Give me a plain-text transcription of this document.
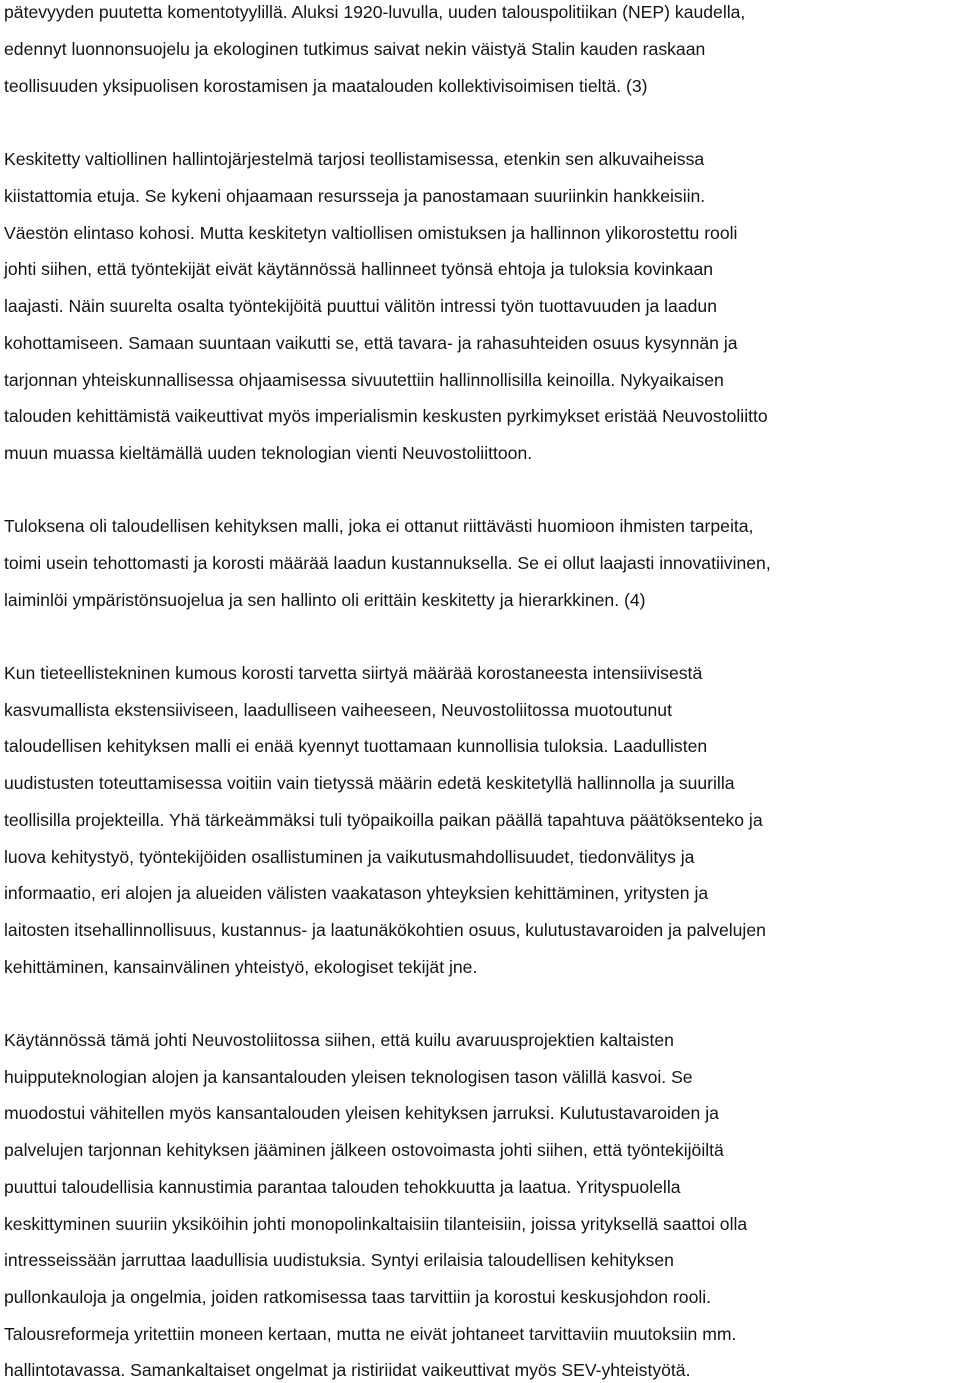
pätevyyden puutetta komentotyylillä. Aluksi 1920-luvulla, uuden talouspolitiikan (NEP) kaudella,
edennyt luonnonsuojelu ja ekologinen tutkimus saivat nekin väistyä Stalin kauden raskaan
teollisuuden yksipuolisen korostamisen ja maatalouden kollektivisoimisen tieltä. (3)
Keskitetty valtiollinen hallintojärjestelmä tarjosi teollistamisessa, etenkin sen alkuvaiheissa
kiistattomia etuja. Se kykeni ohjaamaan resursseja ja panostamaan suuriinkin hankkeisiin.
Väestön elintaso kohosi. Mutta keskitetyn valtiollisen omistuksen ja hallinnon ylikorostettu rooli
johti siihen, että työntekijät eivät käytännössä hallinneet työnsä ehtoja ja tuloksia kovinkaan
laajasti. Näin suurelta osalta työntekijöitä puuttui välitön intressi työn tuottavuuden ja laadun
kohottamiseen. Samaan suuntaan vaikutti se, että tavara- ja rahasuhteiden osuus kysynnän ja
tarjonnan yhteiskunnallisessa ohjaamisessa sivuutettiin hallinnollisilla keinoilla. Nykyaikaisen
talouden kehittämistä vaikeuttivat myös imperialismin keskusten pyrkimykset eristää Neuvostoliitto
muun muassa kieltämällä uuden teknologian vienti Neuvostoliittoon.
Tuloksena oli taloudellisen kehityksen malli, joka ei ottanut riittävästi huomioon ihmisten tarpeita,
toimi usein tehottomasti ja korosti määrää laadun kustannuksella. Se ei ollut laajasti innovatiivinen,
laiminlöi ympäristönsuojelua ja sen hallinto oli erittäin keskitetty ja hierarkkinen. (4)
Kun tieteellistekninen kumous korosti tarvetta siirtyä määrää korostaneesta intensiivisestä
kasvumallista ekstensiiviseen, laadulliseen vaiheeseen, Neuvostoliitossa muotoutunut
taloudellisen kehityksen malli ei enää kyennyt tuottamaan kunnollisia tuloksia. Laadullisten
uudistusten toteuttamisessa voitiin vain tietyssä määrin edetä keskitetyllä hallinnolla ja suurilla
teollisilla projekteilla. Yhä tärkeämmäksi tuli työpaikoilla paikan päällä tapahtuva päätöksenteko ja
luova kehitystyö, työntekijöiden osallistuminen ja vaikutusmahdollisuudet, tiedonvälitys ja
informaatio, eri alojen ja alueiden välisten vaakatason yhteyksien kehittäminen, yritysten ja
laitosten itsehallinnollisuus, kustannus- ja laatunäkökohtien osuus, kulutustavaroiden ja palvelujen
kehittäminen, kansainvälinen yhteistyö, ekologiset tekijät jne.
Käytännössä tämä johti Neuvostoliitossa siihen, että kuilu avaruusprojektien kaltaisten
huipputeknologian alojen ja kansantalouden yleisen teknologisen tason välillä kasvoi. Se
muodostui vähitellen myös kansantalouden yleisen kehityksen jarruksi. Kulutustavaroiden ja
palvelujen tarjonnan kehityksen jääminen jälkeen ostovoimasta johti siihen, että työntekijöiltä
puuttui taloudellisia kannustimia parantaa talouden tehokkuutta ja laatua. Yrityspuolella
keskittyminen suuriin yksiköihin johti monopolinkaltaisiin tilanteisiin, joissa yrityksellä saattoi olla
intresseissään jarruttaa laadullisia uudistuksia. Syntyi erilaisia taloudellisen kehityksen
pullonkauloja ja ongelmia, joiden ratkomisessa taas tarvittiin ja korostui keskusjohdon rooli.
Talousreformeja yritettiin moneen kertaan, mutta ne eivät johtaneet tarvittaviin muutoksiin mm.
hallintotavassa. Samankaltaiset ongelmat ja ristiriidat vaikeuttivat myös SEV-yhteistyötä.
